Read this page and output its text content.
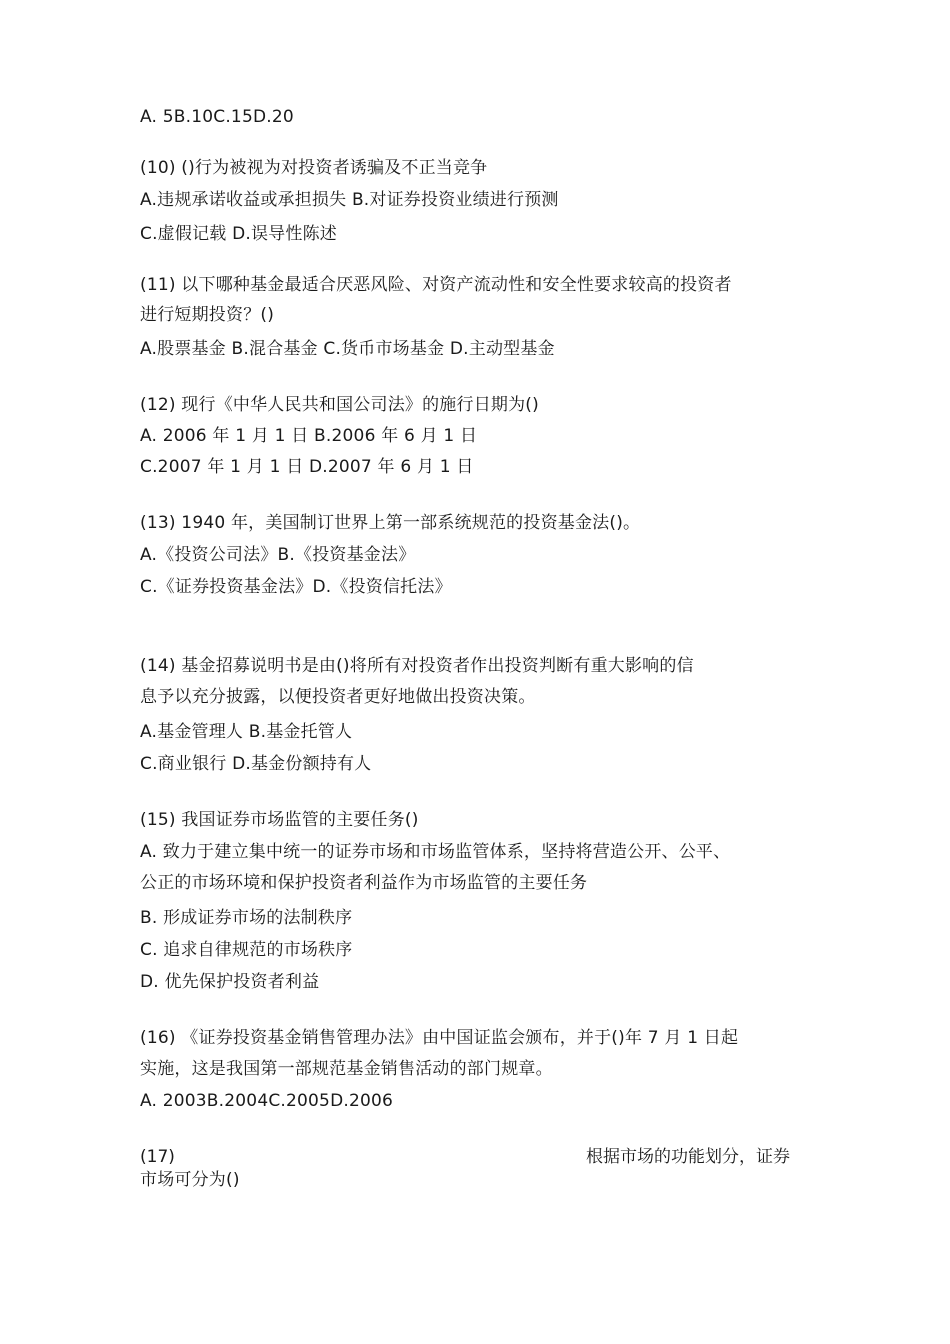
A. 5B.10C.15D.20
(10) ()行为被视为对投资者诱骗及不正当竞争
A.违规承诺收益或承担损失 B.对证券投资业绩进行预测
C.虚假记载 D.误导性陈述
(11) 以下哪种基金最适合厌恶风险、对资产流动性和安全性要求较高的投资者
进行短期投资？()
A.股票基金 B.混合基金 C.货币市场基金 D.主动型基金
(12) 现行《中华人民共和国公司法》的施行日期为()
A. 2006 年 1 月 1 日 B.2006 年 6 月 1 日
C.2007 年 1 月 1 日 D.2007 年 6 月 1 日
(13) 1940 年，美国制订世界上第一部系统规范的投资基金法()。
A.《投资公司法》B.《投资基金法》
C.《证券投资基金法》D.《投资信托法》
(14) 基金招募说明书是由()将所有对投资者作出投资判断有重大影响的信
息予以充分披露，以便投资者更好地做出投资决策。
A.基金管理人 B.基金托管人
C.商业银行 D.基金份额持有人
(15) 我国证券市场监管的主要任务()
A. 致力于建立集中统一的证券市场和市场监管体系，坚持将营造公开、公平、
公正的市场环境和保护投资者利益作为市场监管的主要任务
B. 形成证券市场的法制秩序
C. 追求自律规范的市场秩序
D. 优先保护投资者利益
(16) 《证券投资基金销售管理办法》由中国证监会颁布，并于()年 7 月 1 日起
实施，这是我国第一部规范基金销售活动的部门规章。
A. 2003B.2004C.2005D.2006
(17)	根据市场的功能划分，证券
市场可分为()
